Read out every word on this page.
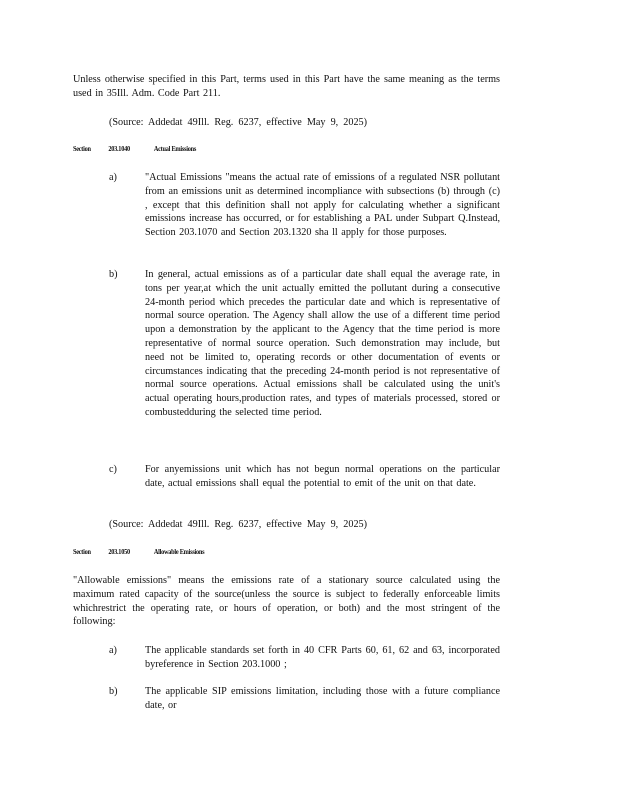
Unless otherwise specified in this Part, terms used in this Part have the same meaning as the terms used in 35Ill. Adm. Code Part 211.

(Source: Addedat 49Ill. Reg. 6237, effective May 9, 2025)

Section 203.1040	Actual Emissions
a)	"Actual Emissions "means the actual rate of emissions of a regulated NSR pollutant from an emissions unit as determined incompliance with subsections (b) through (c) , except that this definition shall not apply for calculating whether a significant emissions increase has occurred, or for establishing a PAL under Subpart Q.Instead, Section 203.1070 and Section 203.1320 sha ll apply for those purposes.

b)	In general, actual emissions as of a particular date shall equal the average rate, in tons per year,at which the unit actually emitted the pollutant during a consecutive 24-month period which precedes the particular date and which is representative of normal source operation. The Agency shall allow the use of a different time period upon a demonstration by the applicant to the Agency that the time period is more representative of normal source operation. Such demonstration may include, but need not be limited to, operating records or other documentation of events or circumstances indicating that the preceding 24-month period is not representative of normal source operations. Actual emissions shall be calculated using the unit's actual operating hours,production rates, and types of materials processed, stored or combustedduring the selected time period.

c)	For anyemissions unit which has not begun normal operations on the particular date, actual emissions shall equal the potential to emit of the unit on that date.

(Source: Addedat 49Ill. Reg. 6237, effective May 9, 2025)

Section 203.1050	Allowable Emissions

"Allowable emissions" means the emissions rate of a stationary source calculated using the maximum rated capacity of the source(unless the source is subject to federally enforceable limits whichrestrict the operating rate, or hours of operation, or both) and the most stringent of the following:

a)	The applicable standards set forth in 40 CFR Parts 60, 61, 62 and 63, incorporated byreference in Section 203.1000 ;

b)	The applicable SIP emissions limitation, including those with a future compliance date, or
